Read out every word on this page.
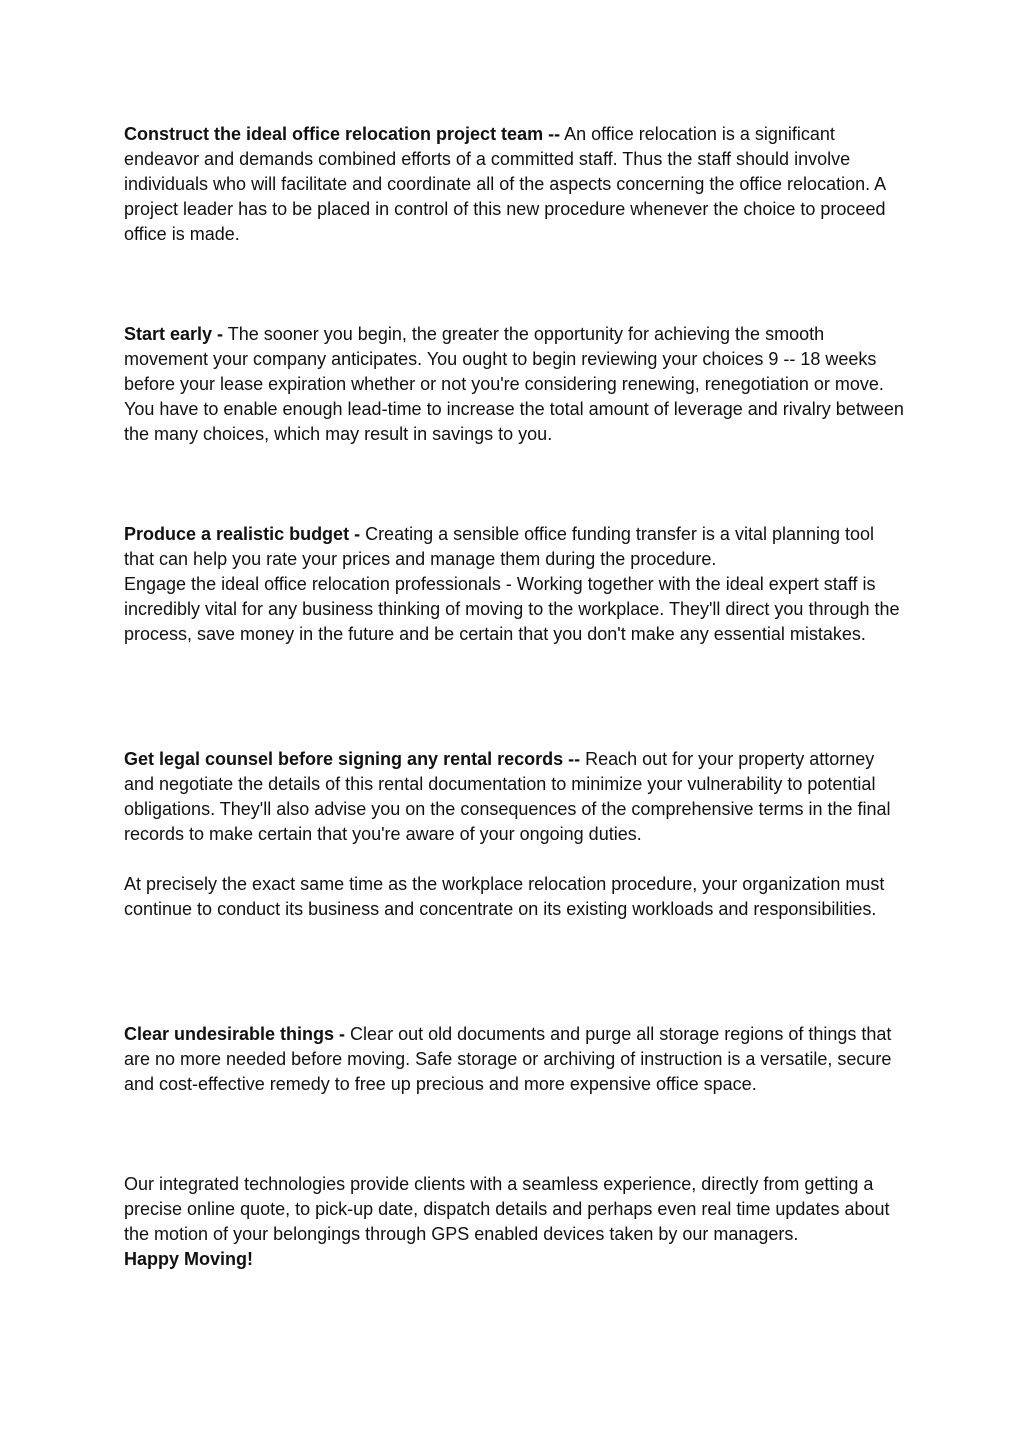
Construct the ideal office relocation project team -- An office relocation is a significant endeavor and demands combined efforts of a committed staff. Thus the staff should involve individuals who will facilitate and coordinate all of the aspects concerning the office relocation. A project leader has to be placed in control of this new procedure whenever the choice to proceed office is made.

Start early - The sooner you begin, the greater the opportunity for achieving the smooth movement your company anticipates. You ought to begin reviewing your choices 9 -- 18 weeks before your lease expiration whether or not you're considering renewing, renegotiation or move. You have to enable enough lead-time to increase the total amount of leverage and rivalry between the many choices, which may result in savings to you.

Produce a realistic budget - Creating a sensible office funding transfer is a vital planning tool that can help you rate your prices and manage them during the procedure.
Engage the ideal office relocation professionals - Working together with the ideal expert staff is incredibly vital for any business thinking of moving to the workplace. They'll direct you through the process, save money in the future and be certain that you don't make any essential mistakes.

Get legal counsel before signing any rental records -- Reach out for your property attorney and negotiate the details of this rental documentation to minimize your vulnerability to potential obligations. They'll also advise you on the consequences of the comprehensive terms in the final records to make certain that you're aware of your ongoing duties.

At precisely the exact same time as the workplace relocation procedure, your organization must continue to conduct its business and concentrate on its existing workloads and responsibilities.

Clear undesirable things - Clear out old documents and purge all storage regions of things that are no more needed before moving. Safe storage or archiving of instruction is a versatile, secure and cost-effective remedy to free up precious and more expensive office space.

Our integrated technologies provide clients with a seamless experience, directly from getting a precise online quote, to pick-up date, dispatch details and perhaps even real time updates about the motion of your belongings through GPS enabled devices taken by our managers.
Happy Moving!
